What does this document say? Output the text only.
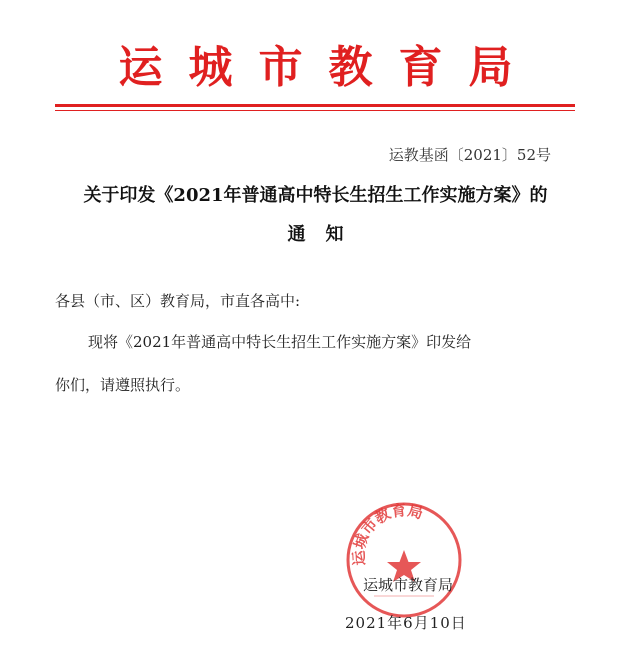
运城市教育局
运教基函〔2021〕52号
关于印发《2021年普通高中特长生招生工作实施方案》的
通知
各县（市、区）教育局，市直各高中:
现将《2021年普通高中特长生招生工作实施方案》印发给
你们，请遵照执行。
运城市教育局
运城市教育局
2021年6月10日
